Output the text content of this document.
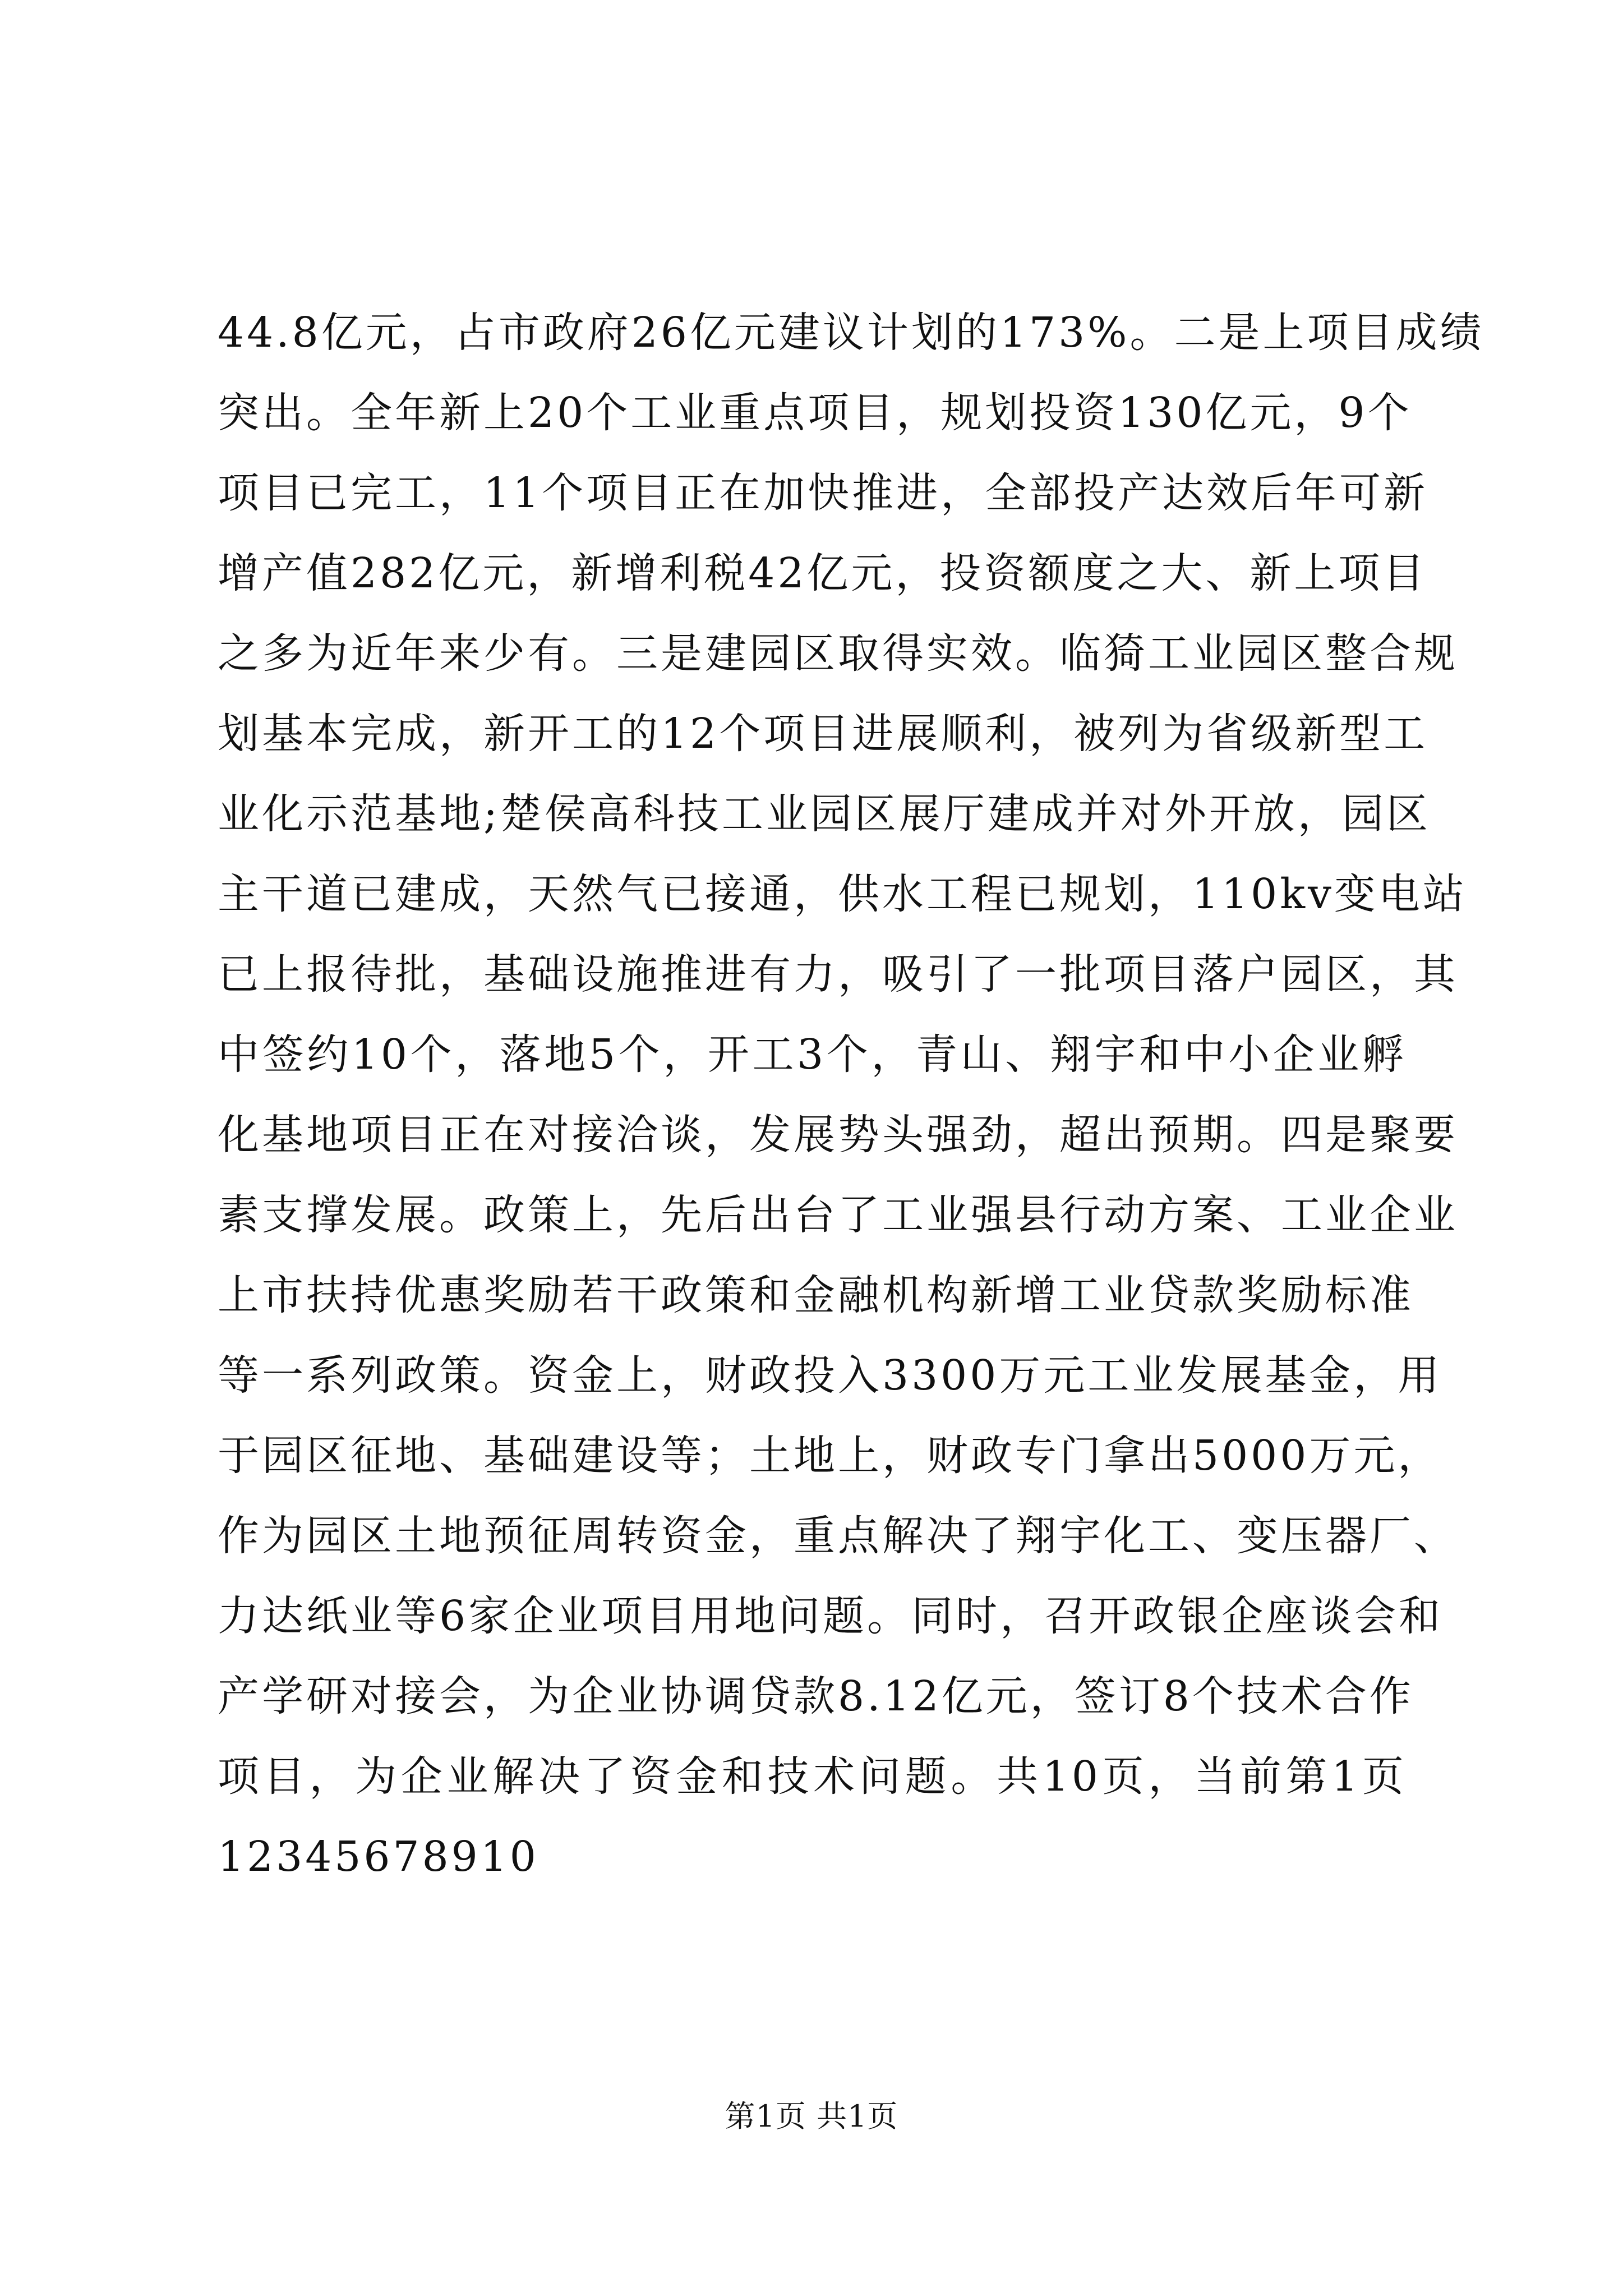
44.8亿元，占市政府26亿元建议计划的173%。二是上项目成绩
突出。全年新上20个工业重点项目，规划投资130亿元，9个
项目已完工，11个项目正在加快推进，全部投产达效后年可新
增产值282亿元，新增利税42亿元，投资额度之大、新上项目
之多为近年来少有。三是建园区取得实效。临猗工业园区整合规
划基本完成，新开工的12个项目进展顺利，被列为省级新型工
业化示范基地;楚侯高科技工业园区展厅建成并对外开放，园区
主干道已建成，天然气已接通，供水工程已规划，110kv变电站
已上报待批，基础设施推进有力，吸引了一批项目落户园区，其
中签约10个，落地5个，开工3个，青山、翔宇和中小企业孵
化基地项目正在对接洽谈，发展势头强劲，超出预期。四是聚要
素支撑发展。政策上，先后出台了工业强县行动方案、工业企业
上市扶持优惠奖励若干政策和金融机构新增工业贷款奖励标准
等一系列政策。资金上，财政投入3300万元工业发展基金，用
于园区征地、基础建设等；土地上，财政专门拿出5000万元，
作为园区土地预征周转资金，重点解决了翔宇化工、变压器厂、
力达纸业等6家企业项目用地问题。同时，召开政银企座谈会和
产学研对接会，为企业协调贷款8.12亿元，签订8个技术合作
项目，为企业解决了资金和技术问题。共10页，当前第1页
12345678910
第1页 共1页
